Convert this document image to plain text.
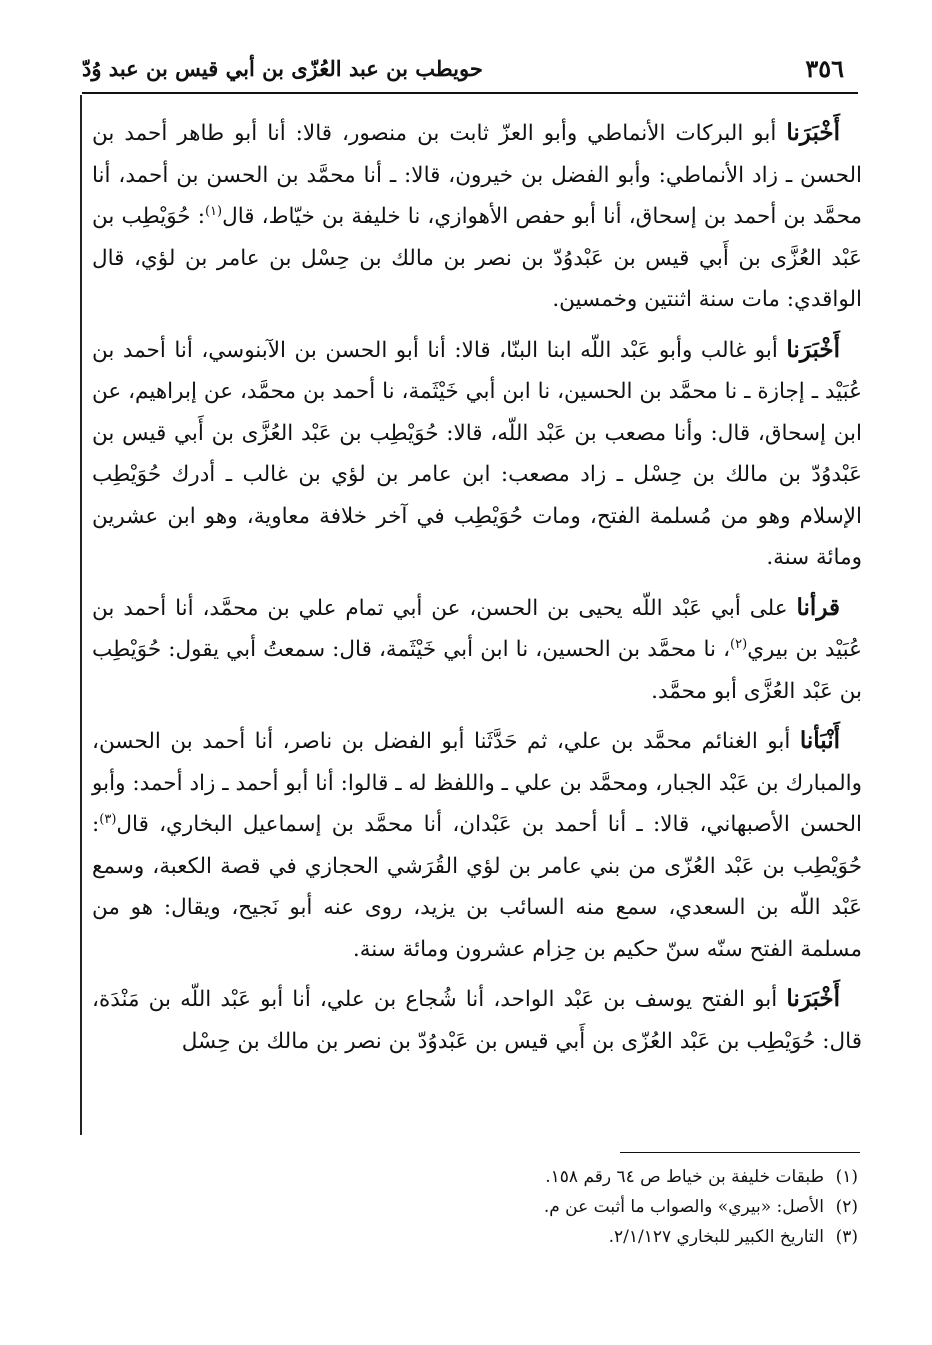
٣٥٦
حويطب بن عبد العُزّى بن أبي قيس بن عبد وُدّ

أَخْبَرَنا أبو البركات الأنماطي وأبو العزّ ثابت بن منصور، قالا: أنا أبو طاهر أحمد بن الحسن ـ زاد الأنماطي: وأبو الفضل بن خيرون، قالا: ـ أنا محمَّد بن الحسن بن أحمد، أنا محمَّد بن أحمد بن إسحاق، أنا أبو حفص الأهوازي، نا خليفة بن خيّاط، قال$^{(١)}$: حُوَيْطِب بن عَبْد العُزَّى بن أَبي قيس بن عَبْدوُدّ بن نصر بن مالك بن حِسْل بن عامر بن لؤي، قال الواقدي: مات سنة اثنتين وخمسين.

أَخْبَرَنا أبو غالب وأبو عَبْد اللّه ابنا البنّا، قالا: أنا أبو الحسن بن الآبنوسي، أنا أحمد بن عُبَيْد ـ إجازة ـ نا محمَّد بن الحسين، نا ابن أبي خَيْثَمة، نا أحمد بن محمَّد، عن إبراهيم، عن ابن إسحاق، قال: وأنا مصعب بن عَبْد اللّه، قالا: حُوَيْطِب بن عَبْد العُزَّى بن أَبي قيس بن عَبْدوُدّ بن مالك بن حِسْل ـ زاد مصعب: ابن عامر بن لؤي بن غالب ـ أدرك حُوَيْطِب الإسلام وهو من مُسلمة الفتح، ومات حُوَيْطِب في آخر خلافة معاوية، وهو ابن عشرين ومائة سنة.

قرأنا على أبي عَبْد اللّه يحيى بن الحسن، عن أبي تمام علي بن محمَّد، أنا أحمد بن عُبَيْد بن بيري$^{(٢)}$، نا محمَّد بن الحسين، نا ابن أبي خَيْثَمة، قال: سمعتُ أبي يقول: حُوَيْطِب بن عَبْد العُزَّى أبو محمَّد.

أَنْبَأنا أبو الغنائم محمَّد بن علي، ثم حَدَّثَنا أبو الفضل بن ناصر، أنا أحمد بن الحسن، والمبارك بن عَبْد الجبار، ومحمَّد بن علي ـ واللفظ له ـ قالوا: أنا أبو أحمد ـ زاد أحمد: وأبو الحسن الأصبهاني، قالا: ـ أنا أحمد بن عَبْدان، أنا محمَّد بن إسماعيل البخاري، قال$^{(٣)}$: حُوَيْطِب بن عَبْد العُزّى من بني عامر بن لؤي القُرَشي الحجازي في قصة الكعبة، وسمع عَبْد اللّه بن السعدي، سمع منه السائب بن يزيد، روى عنه أبو نَجيح، ويقال: هو من مسلمة الفتح سنّه سنّ حكيم بن حِزام عشرون ومائة سنة.

أَخْبَرَنا أبو الفتح يوسف بن عَبْد الواحد، أنا شُجاع بن علي، أنا أبو عَبْد اللّه بن مَنْدَة، قال: حُوَيْطِب بن عَبْد العُزّى بن أَبي قيس بن عَبْدوُدّ بن نصر بن مالك بن حِسْل

(١)طبقات خليفة بن خياط ص ٦٤ رقم ١٥٨.
(٢)الأصل: «بيري» والصواب ما أثبت عن م.
(٣)التاريخ الكبير للبخاري ٢/١/١٢٧.
